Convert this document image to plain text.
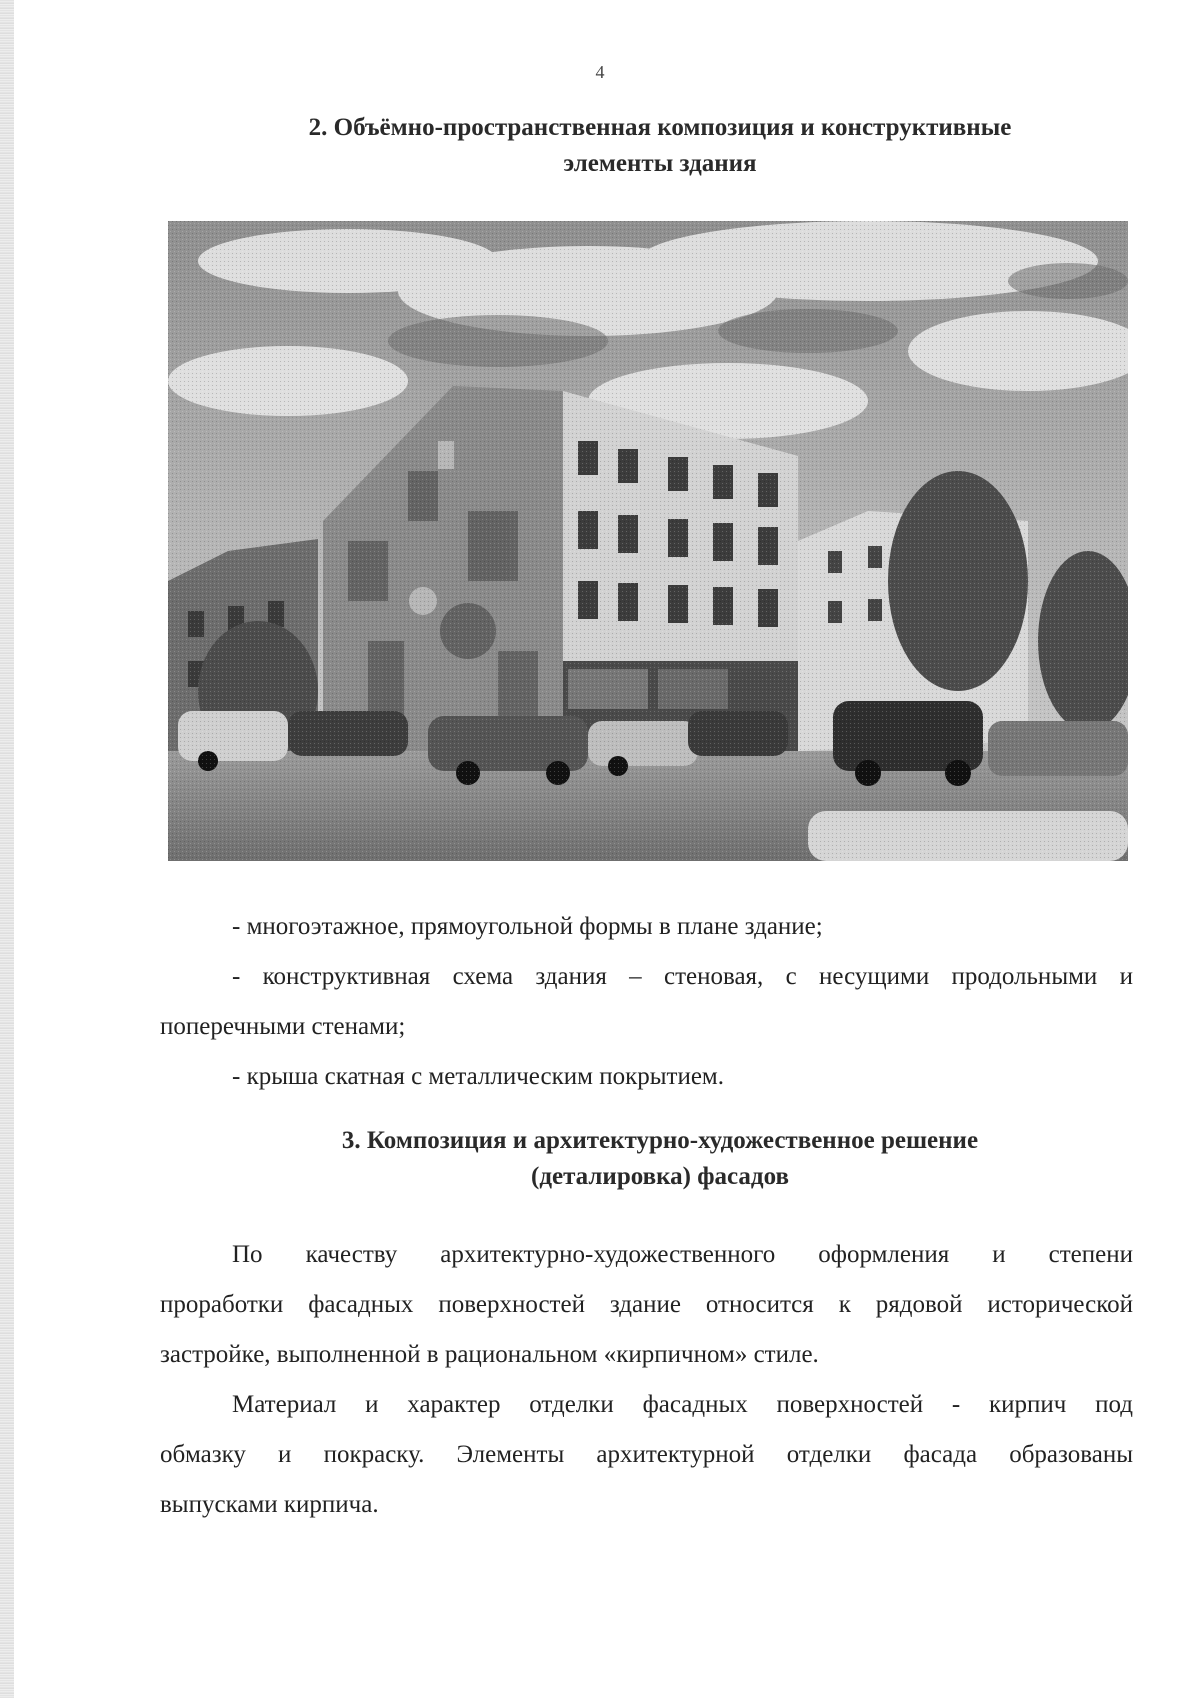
4
2. Объёмно-пространственная композиция и конструктивные
элементы здания
- многоэтажное, прямоугольной формы в плане здание;
- конструктивная схема здания – стеновая, с несущими продольными и
поперечными стенами;
- крыша скатная с металлическим покрытием.
3. Композиция и архитектурно-художественное решение
(деталировка) фасадов
По качеству архитектурно-художественного оформления и степени
проработки фасадных поверхностей здание относится к рядовой исторической
застройке, выполненной в рациональном «кирпичном» стиле.
Материал и характер отделки фасадных поверхностей - кирпич под
обмазку и покраску. Элементы архитектурной отделки фасада образованы
выпусками кирпича.
